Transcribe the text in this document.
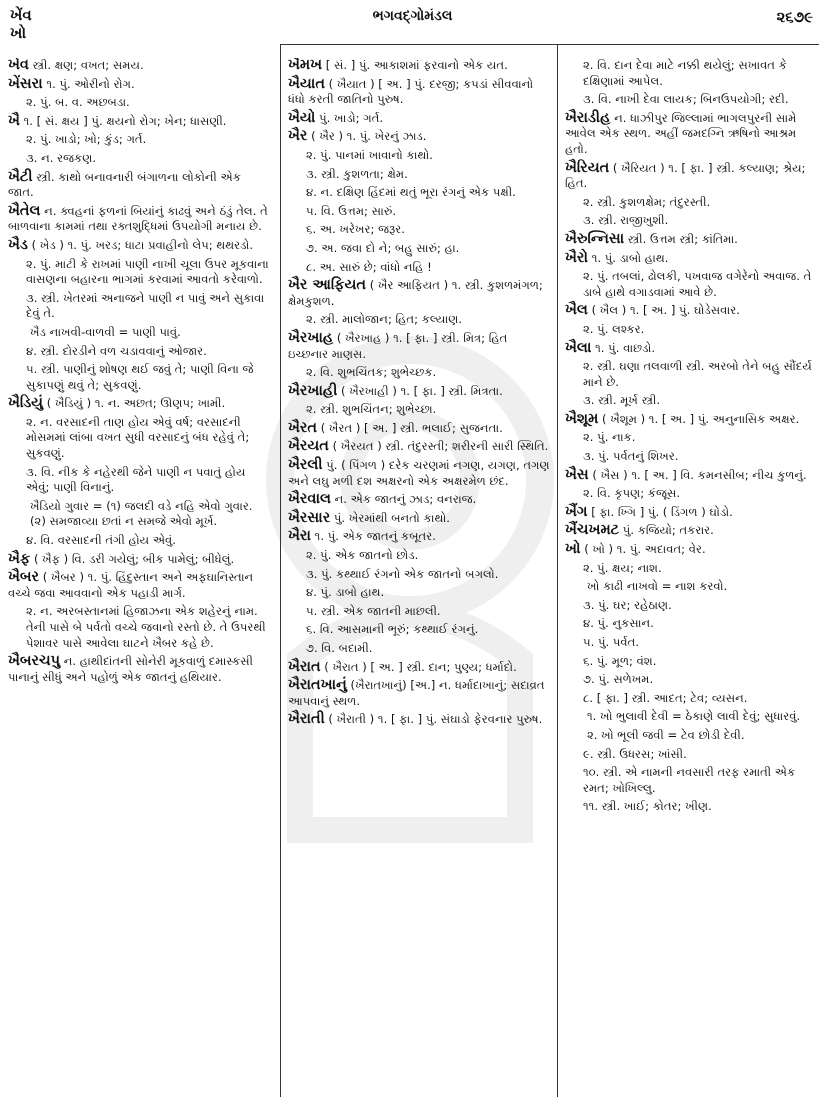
ખેંવ
ખો
ભગવદ્ગોમંડલ	૨૬૭૯
ખેંવ સ્ત્રી. ક્ષણ; વખત; સમય.
ખેંસરા ૧. પું. ઓરીનો રોગ.
૨. પું. બ. વ. અછબડા.
ખૈ ૧. [ સં. ક્ષય ] પું. ક્ષયનો રોગ; ખેન; ધાસણી.
૨. પું. ખાડો; ખો; કુંડ; ગર્ત.
૩. ન. રજકણ.
ખૈટી સ્ત્રી. કાથો બનાવનારી બંગાળના લોકોની એક જાત.
ખૈતેલ ન. ક્વહનાં ફળનાં બિયાંનું કાઢવું અને ઠંડું તેલ. તે બાળવાના કામમાં તથા રક્તશુદ્ધિમાં ઉપયોગી મનાય છે.
ખૈડ ( ખેડ ) ૧. પું. ખરડ; ધાટા પ્રવાહીનો લેપ; થથરડો.
૨. પું. માટી કે રાખમાં પાણી નાખી ચૂલા ઉપર મૂકવાના વાસણના બહારના ભાગમાં કરવામાં આવતો કરેવાળો.
૩. સ્ત્રી. ખેતરમાં અનાજને પાણી ન પાવું અને સુકાવા દેવું તે.
ખૈડ નાખવી-વાળવી = પાણી પાવું.
૪. સ્ત્રી. દોરડીને વળ ચડાવવાનું ઓજાર.
૫. સ્ત્રી. પાણીનું શોષણ થઈ જવું તે; પાણી વિના જે સુકાપણું થવું તે; સુકવણું.
ખૈડિયું ( ખૈડિયું ) ૧. ન. અછત; ઊણપ; ખામી.
૨. ન. વરસાદની તાણ હોય એવું વર્ષ; વરસાદની મોસમમાં લાંબા વખત સુધી વરસાદનું બંધ રહેવું તે; સુકવણું.
૩. વિ. નીક કે નહેરથી જેને પાણી ન પવાતું હોય એવું; પાણી વિનાનું.
ખૈડિયો ગુવાર = (૧) જલદી વડે નહિ એવો ગુવાર. (૨) સમજાવ્યા છતાં ન સમજે એવો મૂર્ખ.
૪. વિ. વરસાદની તંગી હોય એવું.
ખૈફ ( ખૈફ ) વિ. ડરી ગયેલું; બીક પામેલું; બીધેલું.
ખૈબર ( ખૈબર ) ૧. પું. હિંદુસ્તાન અને અફઘાનિસ્તાન વચ્ચે જવા આવવાનો એક પહાડી માર્ગ.
૨. ન. અરબસ્તાનમાં હિજાઝના એક શહેરનું નામ. તેની પાસે બે પર્વતો વચ્ચે જવાનો રસ્તો છે. તે ઉપરથી પેશાવર પાસે આવેલા ઘાટને ખૈબર કહે છે.
ખૈબરચપુ ન. હાથીદાંતની સોનેરી મૂકવાળું દમાસ્કસી પાનાનું સીધું અને પહોળું એક જાતનું હથિયાર.
ખૈમખ [ સં. ] પું. આકાશમાં ફરવાનો એક યત.
ખૈયાત ( ખૈયાત ) [ અ. ] પું. દરજી; કપડાં સીવવાનો ધંધો કરતી જાતિનો પુરુષ.
ખૈયો પું. ખાડો; ગર્ત.
ખૈર ( ખૈર ) ૧. પું. ખેરનું ઝાડ.
૨. પું. પાનમાં ખાવાનો કાથો.
૩. સ્ત્રી. કુશળતા; ક્ષેમ.
૪. ન. દક્ષિણ હિંદમાં થતું ભૂરા રંગનું એક પક્ષી.
૫. વિ. ઉત્તમ; સારું.
૬. અ. ખરેખર; જરૂર.
૭. અ. જવા દો ને; બહુ સારું; હા.
૮. અ. સારું છે; વાંધો નહિ !
ખૈર આફિયત ( ખૈર આફિયત ) ૧. સ્ત્રી. કુશળમંગળ; ક્ષેમકુશળ.
૨. સ્ત્રી. માલોજાન; હિત; કલ્યાણ.
ખૈરખાહ ( ખૈરખાહ ) ૧. [ ફા. ] સ્ત્રી. મિત્ર; હિત ઇચ્છનાર માણસ.
૨. વિ. શુભચિંતક; શુભેચ્છક.
ખૈરખાહી ( ખૈરખાહી ) ૧. [ ફા. ] સ્ત્રી. મિત્રતા.
૨. સ્ત્રી. શુભચિંતન; શુભેચ્છા.
ખૈરત ( ખૈરત ) [ અ. ] સ્ત્રી. ભલાઈ; સુજનતા.
ખૈરયત ( ખૈરયત ) સ્ત્રી. તંદુરસ્તી; શરીરની સારી સ્થિતિ.
ખૈરલી પું. ( પિંગળ ) દરેક ચરણમાં નગણ, યગણ, તગણ અને લઘુ મળી દશ અક્ષરનો એક અક્ષરમેળ છંદ.
ખૈરવાલ ન. એક જાતનું ઝાડ; વનરાજ.
ખૈરસાર પું. ખેરમાંથી બનતો કાથો.
ખૈરા ૧. પું. એક જાતનું કબૂતર.
૨. પું. એક જાતનો છોડ.
૩. પું. કથ્થાઈ રંગનો એક જાતનો બગલો.
૪. પું. ડાબો હાથ.
૫. સ્ત્રી. એક જાતની માછલી.
૬. વિ. આસમાની ભૂરું; કથ્થાઈ રંગનું.
૭. વિ. બદામી.
ખૈરાત ( ખૈરાત ) [ અ. ] સ્ત્રી. દાન; પુણ્ય; ધર્માદો.
ખૈરાતખાનું (ખૈરાતખાનું) [અ.] ન. ધર્માદાખાનું; સદાવ્રત આપવાનું સ્થળ.
ખૈરાતી ( ખૈરાતી ) ૧. [ ફા. ] પું. સંઘાડો ફેરવનાર પુરુષ.
૨. વિ. દાન દેવા માટે નક્કી થયેલું; સખાવત કે દક્ષિણામાં આપેલ.
૩. વિ. નાખી દેવા લાયક; બિનઉપયોગી; રદી.
ખૈરાડીહ ન. ધાઝીપુર જિલ્લામાં ભાગલપુરની સામે આવેલ એક સ્થળ. અહીં જમદગ્નિ ઋષિનો આશ્રમ હતો.
ખૈરિયત ( ખૈરિયત ) ૧. [ ફા. ] સ્ત્રી. કલ્યાણ; શ્રેય; હિત.
૨. સ્ત્રી. કુશળક્ષેમ; તંદુરસ્તી.
૩. સ્ત્રી. રાજીખુશી.
ખૈરુન્નિસા સ્ત્રી. ઉત્તમ સ્ત્રી; કાંતિમા.
ખૈરો ૧. પું. ડાબો હાથ.
૨. પું. તબલાં, ઢોલકી, પખવાજ વગેરેનો અવાજ. તે ડાબે હાથે વગાડવામાં આવે છે.
ખૈલ ( ખૈલ ) ૧. [ અ. ] પું. ઘોડેસવાર.
૨. પું. લશ્કર.
ખૈલા ૧. પું. વાછડો.
૨. સ્ત્રી. ઘણા તલવાળી સ્ત્રી. અરબો તેને બહુ સૌંદર્ય માને છે.
૩. સ્ત્રી. મૂર્ખ સ્ત્રી.
ખૈશૂમ ( ખૈશૂમ ) ૧. [ અ. ] પું. અનુનાસિક અક્ષર.
૨. પું. નાક.
૩. પું. પર્વતનું શિખર.
ખૈસ ( ખૈસ ) ૧. [ અ. ] વિ. કમનસીબ; નીચ કુળનું.
૨. વિ. કૃપણ; કંજૂસ.
ખૈંગ [ ફા. ખ્ગિ ] પું. ( ડિંગળ ) ઘોડો.
ખૈંચખમટ પું. કજિયો; તકરાર.
ખો ( ખો ) ૧. પું. અદાવત; વેર.
૨. પું. ક્ષય; નાશ.
ખો કાઢી નાખવો = નાશ કરવો.
૩. પું. ઘર; રહેઠાણ.
૪. પું. નુકસાન.
૫. પું. પર્વત.
૬. પું. મૂળ; વંશ.
૭. પું. સળેખમ.
૮. [ ફા. ] સ્ત્રી. આદત; ટેવ; વ્યસન.
૧. ખો ભુલાવી દેવી = ઠેકાણે લાવી દેવું; સુધારવું.
૨. ખો ભૂલી જવી = ટેવ છોડી દેવી.
૯. સ્ત્રી. ઉધરસ; ખાંસી.
૧૦. સ્ત્રી. એ નામની નવસારી તરફ રમાતી એક રમત; ખોખિલ્લુ.
૧૧. સ્ત્રી. ખાઈ; કોતર; ખીણ.
